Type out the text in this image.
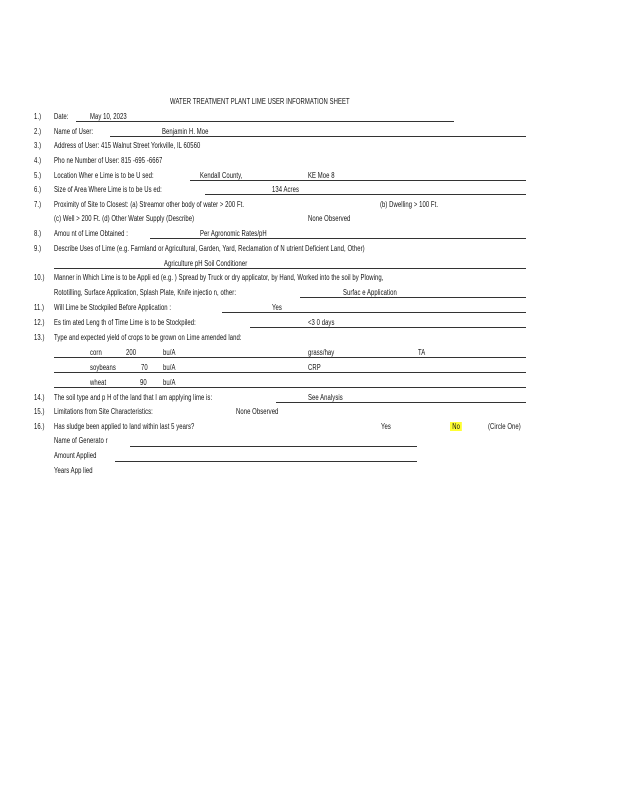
WATER TREATMENT PLANT LIME USER INFORMATION SHEET
1.) Date:	May 10, 2023
2.) Name of User:	Benjamin H. Moe
3.) Address of User: 415 Walnut Street Yorkville, IL 60560
4.) Pho ne Number of User: 815 -695 -6667
5.) Location Wher e Lime is to be U sed:	Kendall County,	KE Moe 8
6.) Size of Area Where Lime is to be Us ed:	134 Acres
7.) Proximity of Site to Closest: (a) Streamor other body of water > 200 Ft.	(b) Dwelling > 100 Ft.
(c) Well > 200 Ft. (d) Other Water Supply (Describe)	None Observed
8.) Amou nt of Lime Obtained :	Per Agronomic Rates/pH
9.) Describe Uses of Lime (e.g. Farmland or Agricultural, Garden, Yard, Reclamation of N utrient Deficient Land, Other)
Agriculture pH Soil Conditioner
10.) Manner in Which Lime is to be Appli ed (e.g. ) Spread by Truck or dry applicator, by Hand, Worked into the soil by Plowing,
Rototilling, Surface Application, Splash Plate, Knife injectio n, other:	Surfac e Application
11.) Will Lime be Stockpiled Before Application :	Yes
12.) Es tim ated Leng th of Time Lime is to be Stockpiled:	<3 0 days
13.) Type and expected yield of crops to be grown on Lime amended land:
corn	200	bu/A	grass/hay	TA
soybeans	70 bu/A	CRP
wheat	90 bu/A
14.) The soil type and p H of the land that I am applying lime is:	See Analysis
15.) Limitations from Site Characteristics:	None Observed
16.) Has sludge been applied to land within last 5 years?	Yes	No	(Circle One)
Name of Generato r
Amount Applied
Years App lied
